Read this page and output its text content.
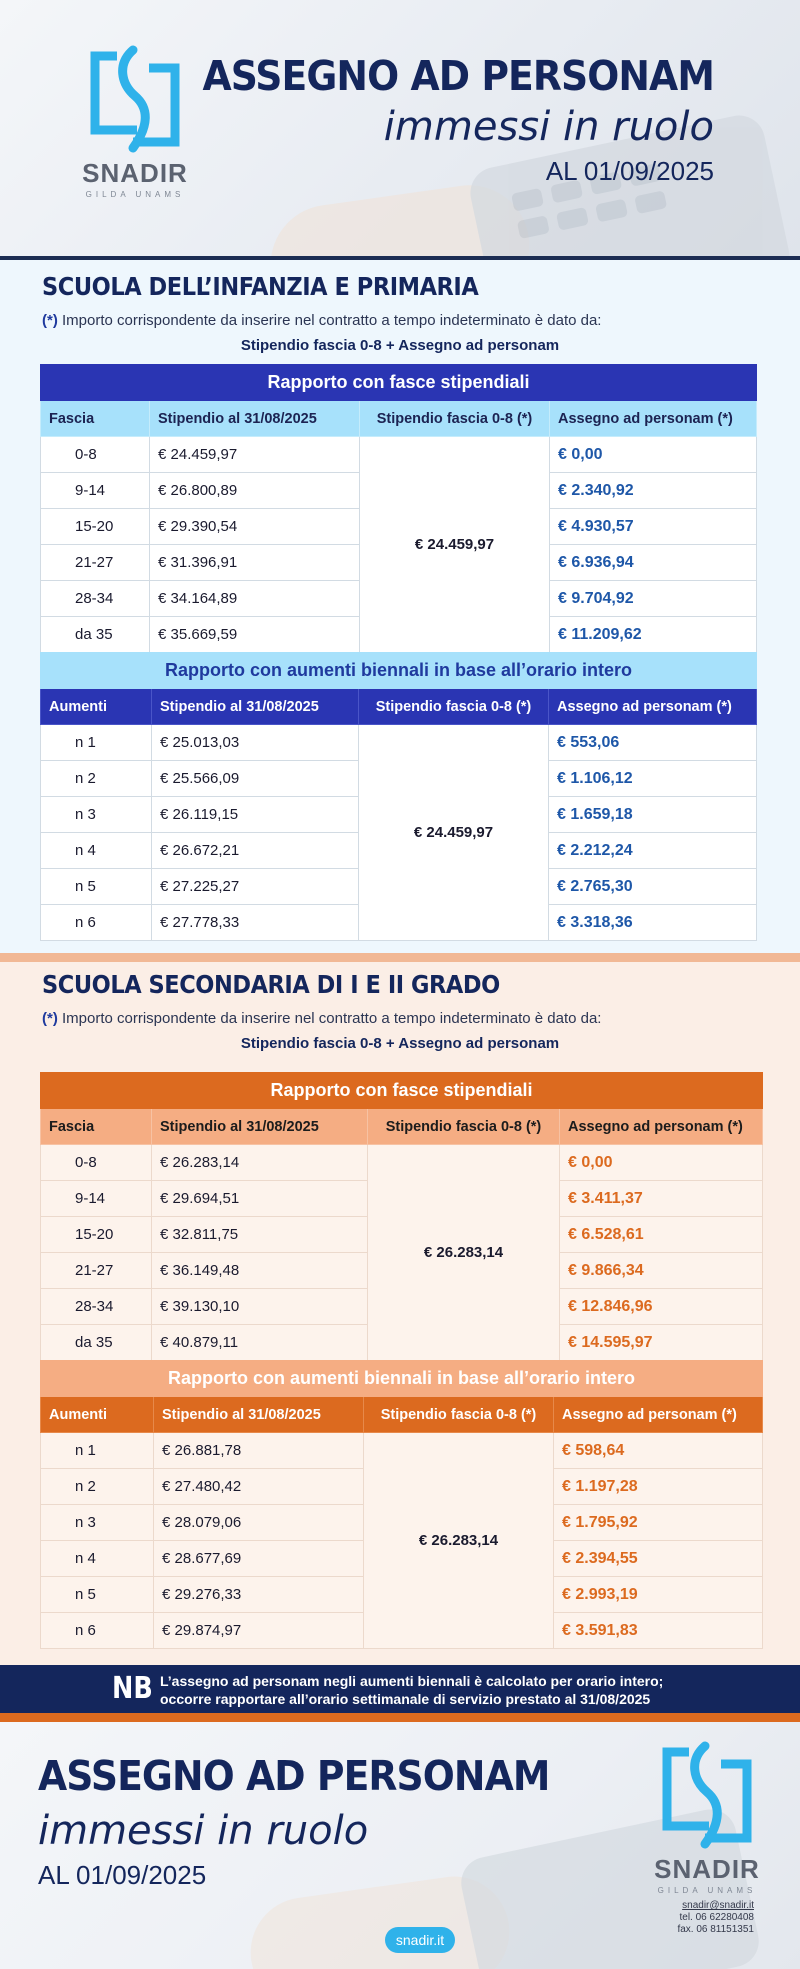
SNADIR
GILDA UNAMS
ASSEGNO AD PERSONAM
immessi in ruolo
AL 01/09/2025
SCUOLA DELL’INFANZIA E PRIMARIA
(*) Importo corrispondente da inserire nel contratto a tempo indeterminato è dato da:
Stipendio fascia 0-8 + Assegno ad personam
Rapporto con fasce stipendiali			
Fascia	Stipendio al 31/08/2025	Stipendio fascia 0-8 (*)	Assegno ad personam (*)
0-8	€ 24.459,97	€ 24.459,97	€ 0,00
9-14	€ 26.800,89		€ 2.340,92
15-20	€ 29.390,54		€ 4.930,57
21-27	€ 31.396,91		€ 6.936,94
28-34	€ 34.164,89		€ 9.704,92
da 35	€ 35.669,59		€ 11.209,62
Rapporto con aumenti biennali in base all’orario intero			
Aumenti	Stipendio al 31/08/2025	Stipendio fascia 0-8 (*)	Assegno ad personam (*)
n 1	€ 25.013,03	€ 24.459,97	€ 553,06
n 2	€ 25.566,09		€ 1.106,12
n 3	€ 26.119,15		€ 1.659,18
n 4	€ 26.672,21		€ 2.212,24
n 5	€ 27.225,27		€ 2.765,30
n 6	€ 27.778,33		€ 3.318,36
SCUOLA SECONDARIA DI I E II GRADO
(*) Importo corrispondente da inserire nel contratto a tempo indeterminato è dato da:
Stipendio fascia 0-8 + Assegno ad personam
Rapporto con fasce stipendiali			
Fascia	Stipendio al 31/08/2025	Stipendio fascia 0-8 (*)	Assegno ad personam (*)
0-8	€ 26.283,14	€ 26.283,14	€ 0,00
9-14	€ 29.694,51		€ 3.411,37
15-20	€ 32.811,75		€ 6.528,61
21-27	€ 36.149,48		€ 9.866,34
28-34	€ 39.130,10		€ 12.846,96
da 35	€ 40.879,11		€ 14.595,97
Rapporto con aumenti biennali in base all’orario intero			
Aumenti	Stipendio al 31/08/2025	Stipendio fascia 0-8 (*)	Assegno ad personam (*)
n 1	€ 26.881,78	€ 26.283,14	€ 598,64
n 2	€ 27.480,42		€ 1.197,28
n 3	€ 28.079,06		€ 1.795,92
n 4	€ 28.677,69		€ 2.394,55
n 5	€ 29.276,33		€ 2.993,19
n 6	€ 29.874,97		€ 3.591,83
NB L’assegno ad personam negli aumenti biennali è calcolato per orario intero;
occorre rapportare all’orario settimanale di servizio prestato al 31/08/2025
ASSEGNO AD PERSONAM
immessi in ruolo
AL 01/09/2025	SNADIR
GILDA UNAMS
snadir@snadir.it
tel. 06 62280408
fax. 06 81151351
snadir.it
